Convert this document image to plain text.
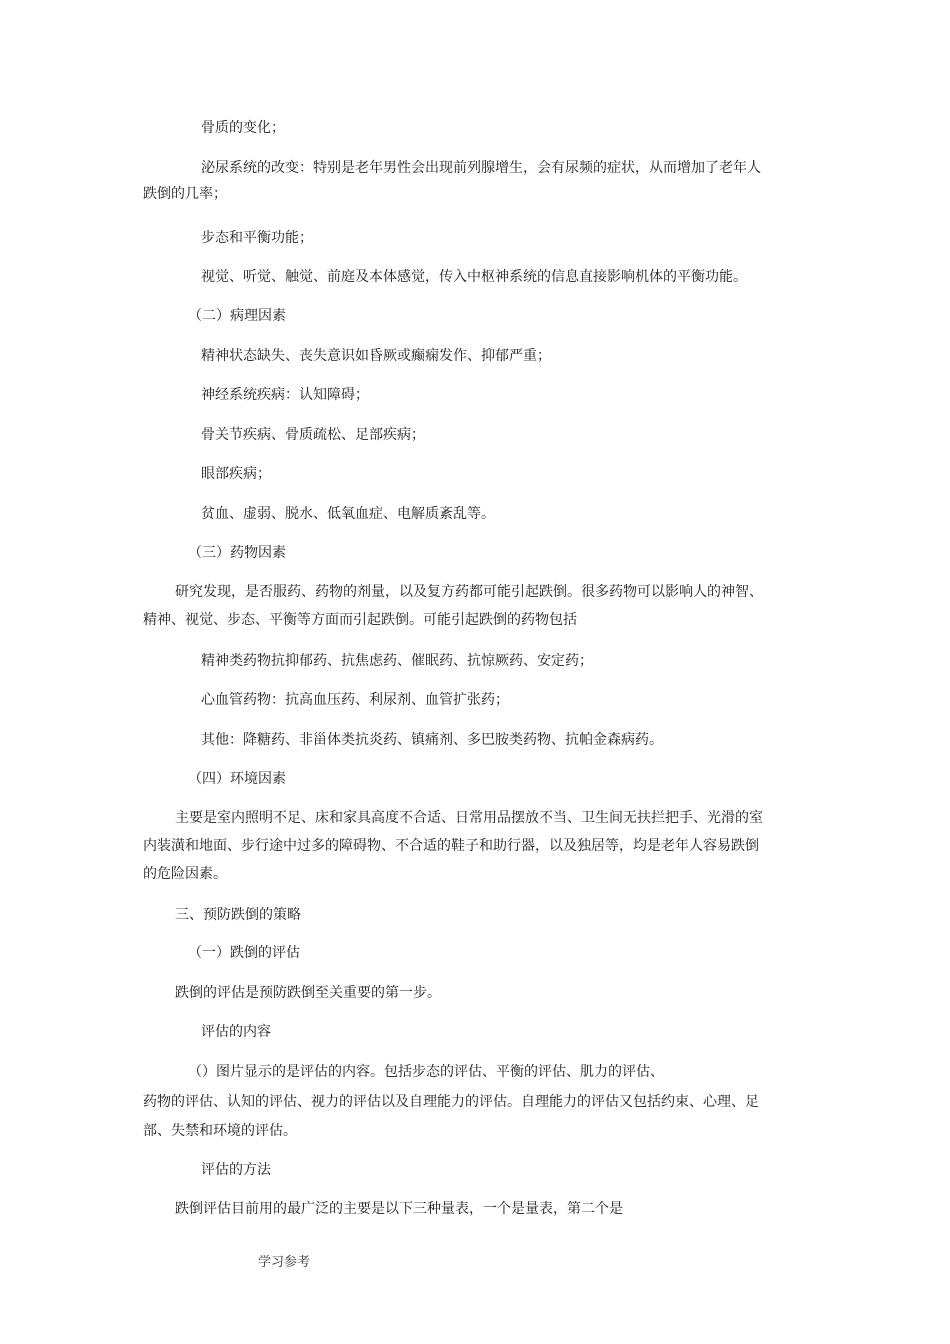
骨质的变化；
泌尿系统的改变：特别是老年男性会出现前列腺增生，会有尿频的症状，从而增加了老年人
跌倒的几率；
步态和平衡功能；
视觉、听觉、触觉、前庭及本体感觉，传入中枢神系统的信息直接影响机体的平衡功能。
（二）病理因素
精神状态缺失、丧失意识如昏厥或癫痫发作、抑郁严重；
神经系统疾病：认知障碍；
骨关节疾病、骨质疏松、足部疾病；
眼部疾病；
贫血、虚弱、脱水、低氧血症、电解质紊乱等。
（三）药物因素
研究发现，是否服药、药物的剂量，以及复方药都可能引起跌倒。很多药物可以影响人的神智、
精神、视觉、步态、平衡等方面而引起跌倒。可能引起跌倒的药物包括
精神类药物抗抑郁药、抗焦虑药、催眠药、抗惊厥药、安定药；
心血管药物：抗高血压药、利尿剂、血管扩张药；
其他：降糖药、非甾体类抗炎药、镇痛剂、多巴胺类药物、抗帕金森病药。
（四）环境因素
主要是室内照明不足、床和家具高度不合适、日常用品摆放不当、卫生间无扶拦把手、光滑的室
内装潢和地面、步行途中过多的障碍物、不合适的鞋子和助行器，以及独居等，均是老年人容易跌倒
的危险因素。
三、预防跌倒的策略
（一）跌倒的评估
跌倒的评估是预防跌倒至关重要的第一步。
评估的内容
（）图片显示的是评估的内容。包括步态的评估、平衡的评估、肌力的评估、
药物的评估、认知的评估、视力的评估以及自理能力的评估。自理能力的评估又包括约束、心理、足
部、失禁和环境的评估。
评估的方法
跌倒评估目前用的最广泛的主要是以下三种量表，一个是量表，第二个是
学习参考
